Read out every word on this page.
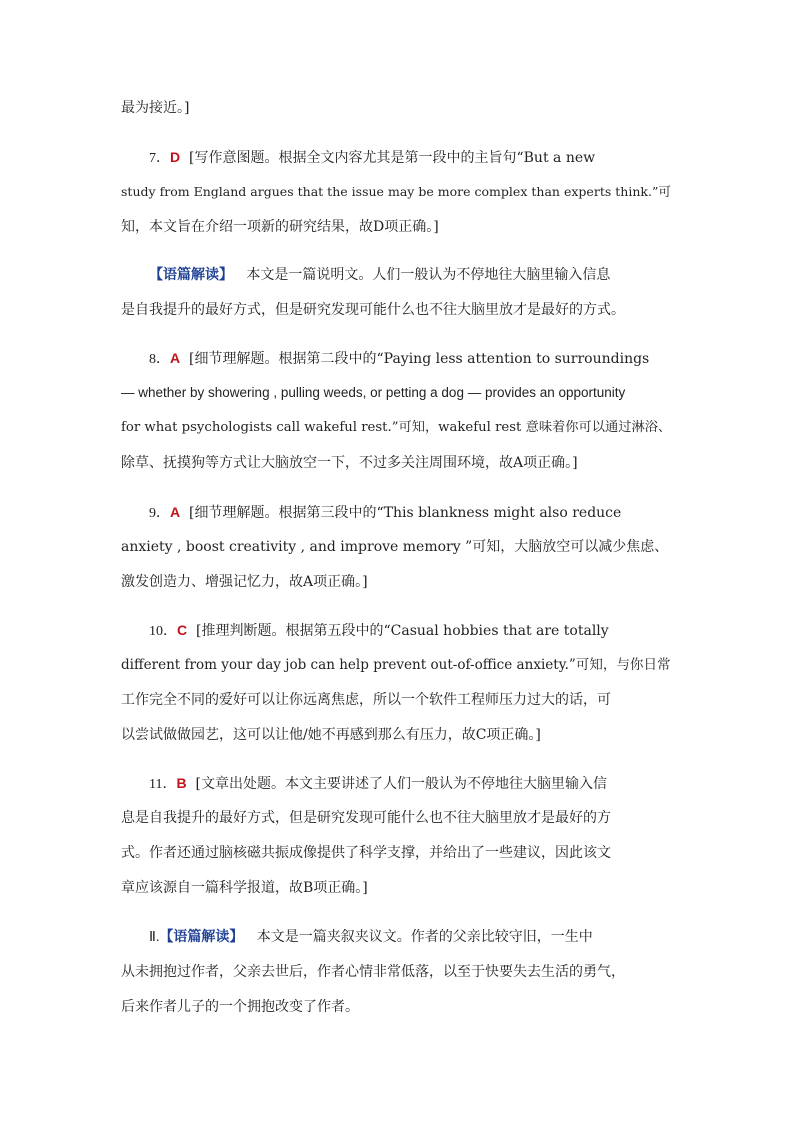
最为接近。]
7．D [写作意图题。根据全文内容尤其是第一段中的主旨句“But a new
study from England argues that the issue may be more complex than experts think.”可
知，本文旨在介绍一项新的研究结果，故D项正确。]
【语篇解读】 本文是一篇说明文。人们一般认为不停地往大脑里输入信息
是自我提升的最好方式，但是研究发现可能什么也不往大脑里放才是最好的方式。
8．A [细节理解题。根据第二段中的“Paying less attention to surroundings
— whether by showering , pulling weeds, or petting a dog — provides an opportunity
for what psychologists call wakeful rest.”可知，wakeful rest 意味着你可以通过淋浴、
除草、抚摸狗等方式让大脑放空一下，不过多关注周围环境，故A项正确。]
9．A [细节理解题。根据第三段中的“This blankness might also reduce
anxiety , boost creativity , and improve memory ”可知，大脑放空可以减少焦虑、
激发创造力、增强记忆力，故A项正确。]
10．C [推理判断题。根据第五段中的“Casual hobbies that are totally
different from your day job can help prevent out-of-office anxiety.”可知，与你日常
工作完全不同的爱好可以让你远离焦虑，所以一个软件工程师压力过大的话，可
以尝试做做园艺，这可以让他/她不再感到那么有压力，故C项正确。]
11．B [文章出处题。本文主要讲述了人们一般认为不停地往大脑里输入信
息是自我提升的最好方式，但是研究发现可能什么也不往大脑里放才是最好的方
式。作者还通过脑核磁共振成像提供了科学支撑，并给出了一些建议，因此该文
章应该源自一篇科学报道，故B项正确。]
Ⅱ.【语篇解读】 本文是一篇夹叙夹议文。作者的父亲比较守旧，一生中
从未拥抱过作者，父亲去世后，作者心情非常低落，以至于快要失去生活的勇气，
后来作者儿子的一个拥抱改变了作者。
